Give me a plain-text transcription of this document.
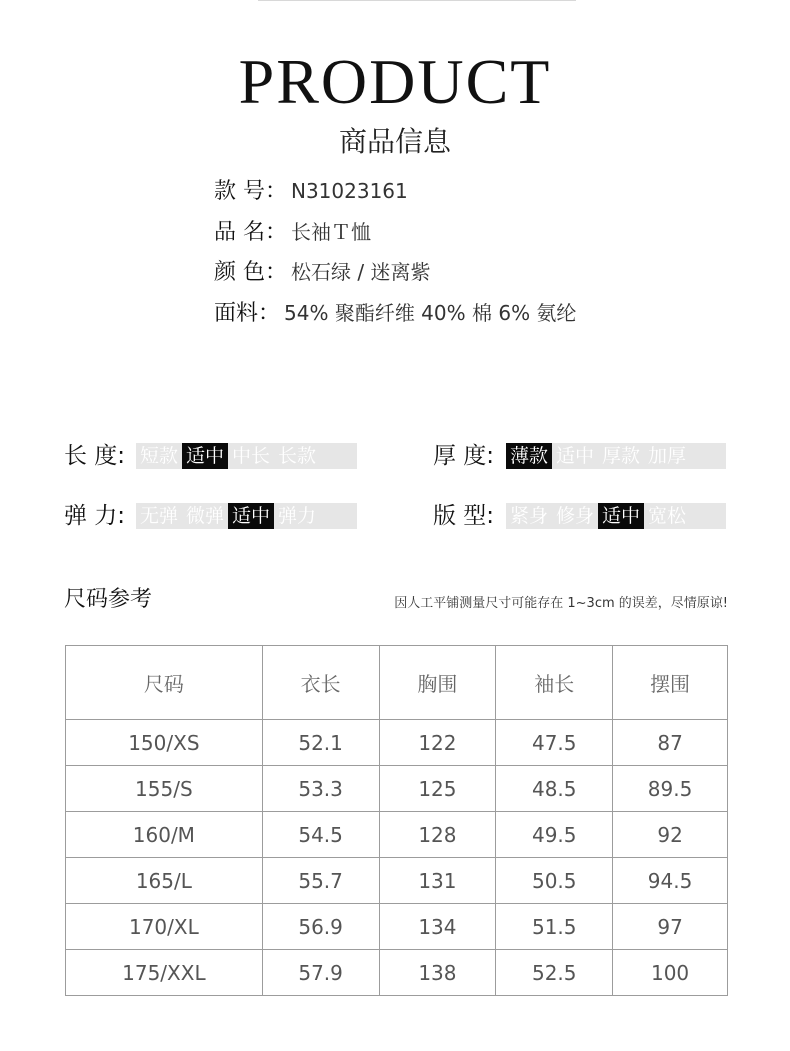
PRODUCT
商品信息
款 号： N31023161
品 名： 长袖Ｔ恤
颜 色： 松石绿 / 迷离紫
面料： 54% 聚酯纤维 40% 棉 6% 氨纶
长 度: 短款 适中 中长 长款	厚 度: 薄款 适中 厚款 加厚
弹 力: 无弹 微弹 适中 弹力	版 型: 紧身 修身 适中 宽松
尺码参考	因人工平铺测量尺寸可能存在 1~3cm 的误差，尽情原谅!
尺码	衣长	胸围	袖长	摆围
150/XS	52.1	122	47.5	87
155/S	53.3	125	48.5	89.5
160/M	54.5	128	49.5	92
165/L	55.7	131	50.5	94.5
170/XL	56.9	134	51.5	97
175/XXL	57.9	138	52.5	100
